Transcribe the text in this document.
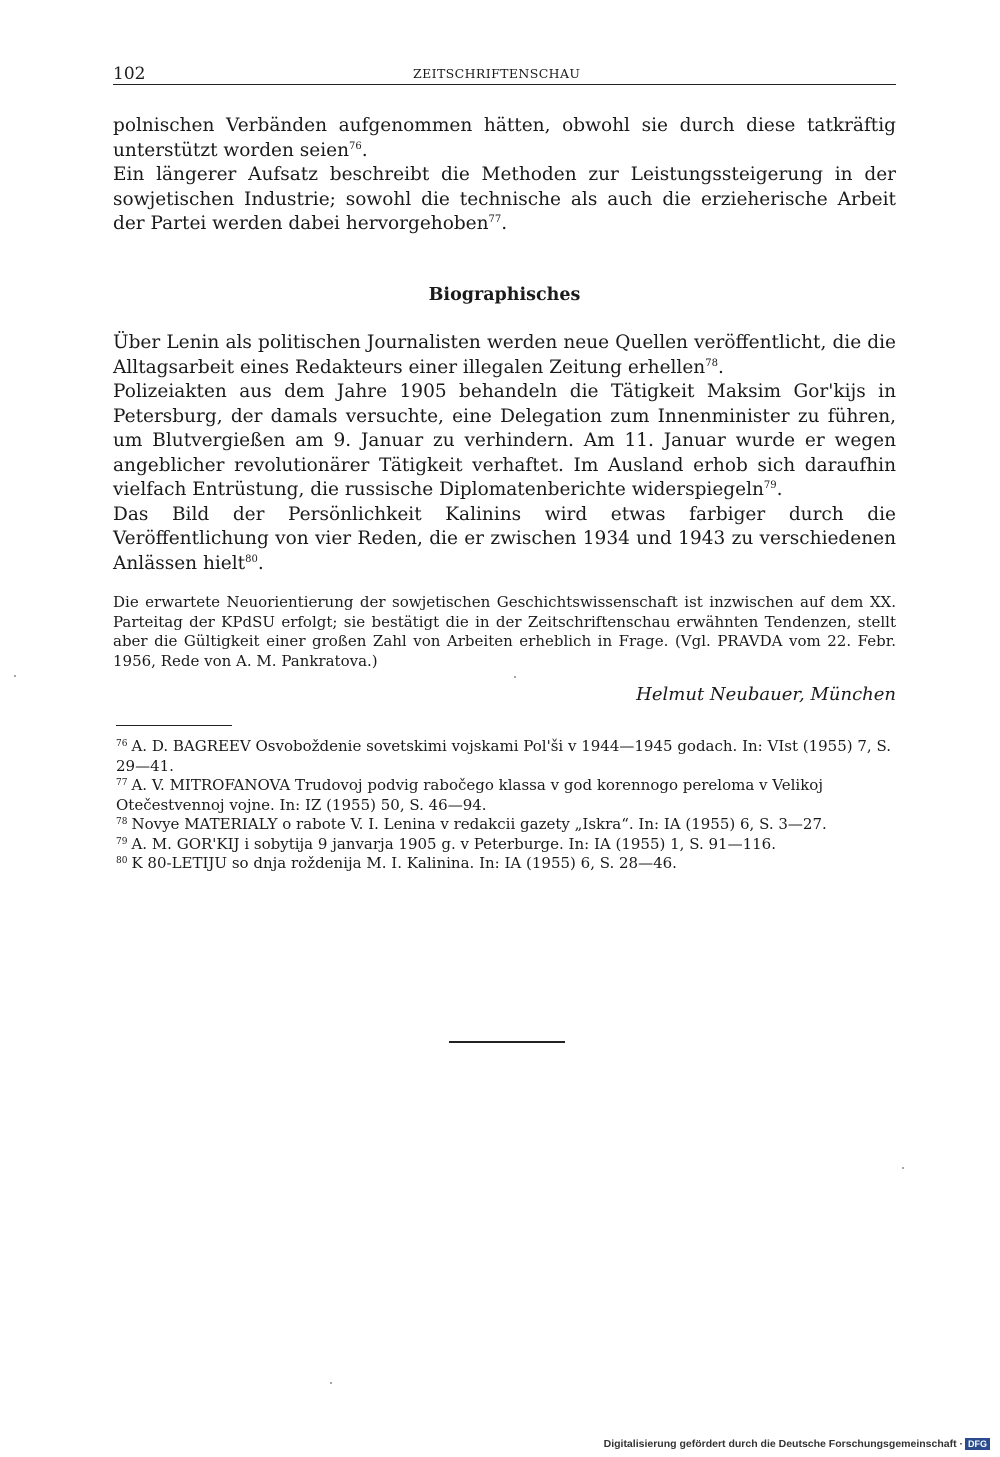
102	ZEITSCHRIFTENSCHAU

polnischen Verbänden aufgenommen hätten, obwohl sie durch diese tatkräftig unterstützt worden seien$^{76}$.

Ein längerer Aufsatz beschreibt die Methoden zur Leistungssteigerung in der sowjetischen Industrie; sowohl die technische als auch die erzieherische Arbeit der Partei werden dabei hervorgehoben$^{77}$.

Biographisches

Über Lenin als politischen Journalisten werden neue Quellen veröffentlicht, die die Alltagsarbeit eines Redakteurs einer illegalen Zeitung erhellen$^{78}$.

Polizeiakten aus dem Jahre 1905 behandeln die Tätigkeit Maksim Gor'kijs in Petersburg, der damals versuchte, eine Delegation zum Innenminister zu führen, um Blutvergießen am 9. Januar zu verhindern. Am 11. Januar wurde er wegen angeblicher revolutionärer Tätigkeit verhaftet. Im Ausland erhob sich daraufhin vielfach Entrüstung, die russische Diplomatenberichte widerspiegeln$^{79}$.

Das Bild der Persönlichkeit Kalinins wird etwas farbiger durch die Veröffentlichung von vier Reden, die er zwischen 1934 und 1943 zu verschiedenen Anlässen hielt$^{80}$.

Die erwartete Neuorientierung der sowjetischen Geschichtswissenschaft ist inzwischen auf dem XX. Parteitag der KPdSU erfolgt; sie bestätigt die in der Zeitschriftenschau erwähnten Tendenzen, stellt aber die Gültigkeit einer großen Zahl von Arbeiten erheblich in Frage. (Vgl. PRAVDA vom 22. Febr. 1956, Rede von A. M. Pankratova.)
Helmut Neubauer, München

$^{76}$ A. D. BAGREEV Osvoboždenie sovetskimi vojskami Pol'ši v 1944—1945 godach. In: VIst (1955) 7, S. 29—41.

$^{77}$ A. V. MITROFANOVA Trudovoj podvig rabočego klassa v god korennogo pereloma v Velikoj Otečestvennoj vojne. In: IZ (1955) 50, S. 46—94.

$^{78}$ Novye MATERIALY o rabote V. I. Lenina v redakcii gazety „Iskra“. In: IA (1955) 6, S. 3—27.

$^{79}$ A. M. GOR'KIJ i sobytija 9 janvarja 1905 g. v Peterburge. In: IA (1955) 1, S. 91—116.

$^{80}$ K 80-LETIJU so dnja roždenija M. I. Kalinina. In: IA (1955) 6, S. 28—46.

Digitalisierung gefördert durch die Deutsche Forschungsgemeinschaft · DFG
